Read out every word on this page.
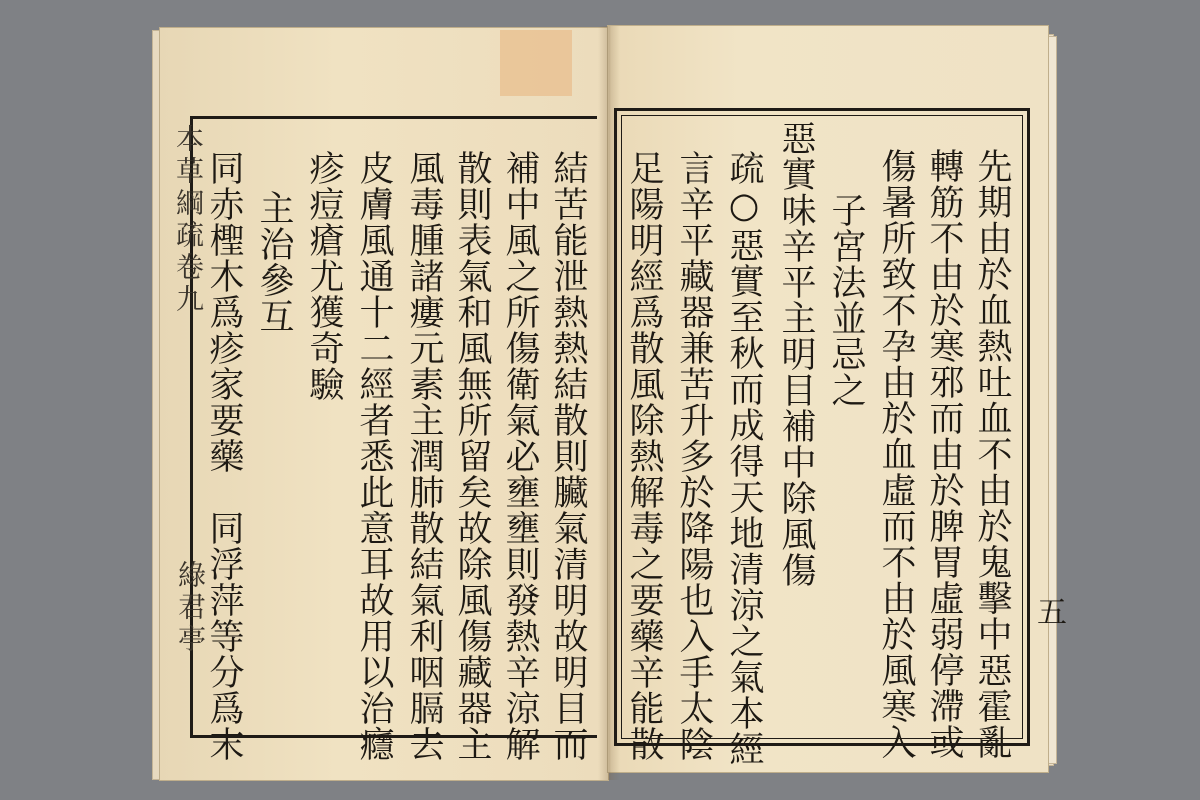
本草綱疏卷九
綠君亭	五
先期由於血熱吐血不由於鬼擊中惡霍亂
轉筋不由於寒邪而由於脾胃虛弱停滯或
傷暑所致不孕由於血虛而不由於風寒入
子宮法並忌之
惡實味辛平主明目補中除風傷
疏○惡實至秋而成得天地清涼之氣本經
言辛平藏器兼苦升多於降陽也入手太陰
足陽明經爲散風除熱解毒之要藥辛能散
結苦能泄熱熱結散則臟氣清明故明目而
補中風之所傷衛氣必壅壅則發熱辛涼解
散則表氣和風無所留矣故除風傷藏器主
風毒腫諸瘻元素主潤肺散結氣利咽膈去
皮膚風通十二經者悉此意耳故用以治癮
疹痘瘡尤獲奇驗
主治參互
同赤檉木爲疹家要藥　同浮萍等分爲末
